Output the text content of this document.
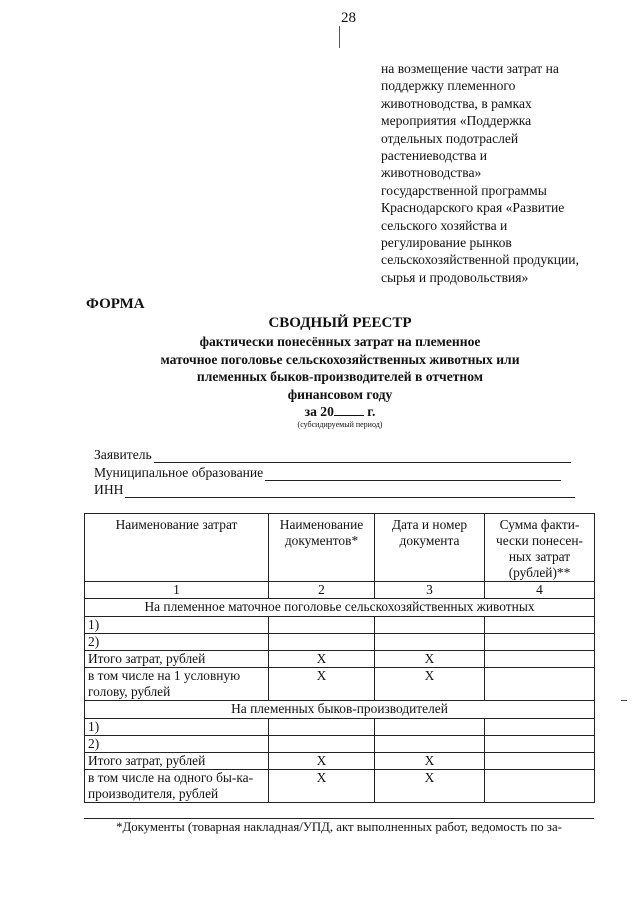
28
на возмещение части затрат на
поддержку племенного
животноводства, в рамках
мероприятия «Поддержка
отдельных подотраслей
растениеводства и
животноводства»
государственной программы
Краснодарского края «Развитие
сельского хозяйства и
регулирование рынков
сельскохозяйственной продукции,
сырья и продовольствия»
ФОРМА
СВОДНЫЙ РЕЕСТР
фактически понесённых затрат на племенное
маточное поголовье сельскохозяйственных животных или
племенных быков-производителей в отчетном
финансовом году
за 20 г.
(субсидируемый период)
Заявитель
Муниципальное образование
ИНН
Наименование затрат	Наименование документов*	Дата и номер документа	Сумма факти-чески понесен-ных затрат (рублей)**
1	2	3	4
На племенное маточное поголовье сельскохозяйственных животных			
1)			
2)			
Итого затрат, рублей	Х	Х	
в том числе на 1 условную голову, рублей	Х	Х	
На племенных быков-производителей			
1)			
2)			
Итого затрат, рублей	Х	Х	
в том числе на одного бы-ка-производителя, рублей	Х	Х	
*Документы (товарная накладная/УПД, акт выполненных работ, ведомость по за-
